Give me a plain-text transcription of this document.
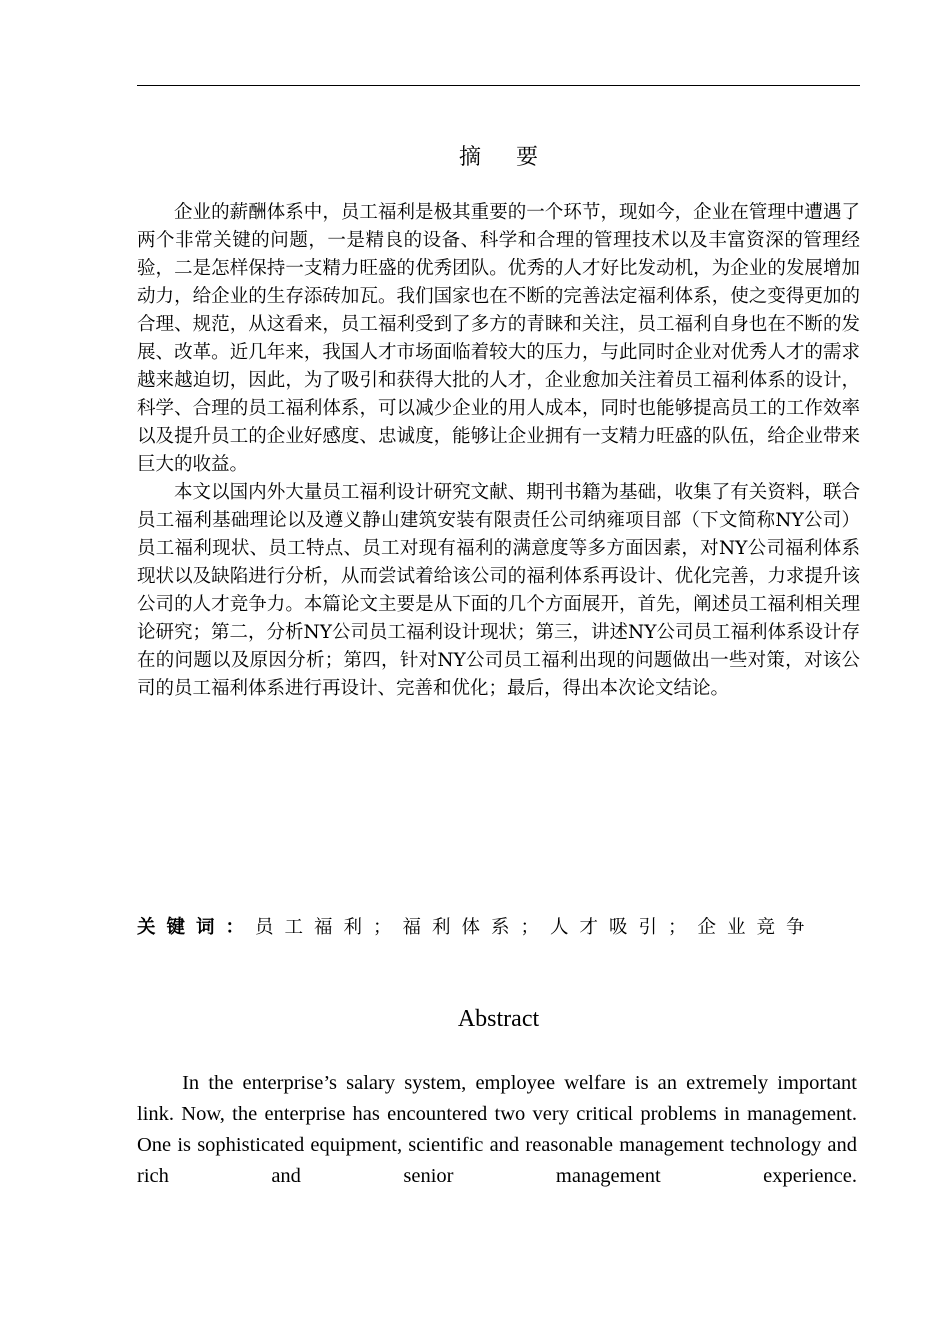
摘 要

企业的薪酬体系中，员工福利是极其重要的一个环节，现如今，企业在管理中遭遇了两个非常关键的问题，一是精良的设备、科学和合理的管理技术以及丰富资深的管理经验，二是怎样保持一支精力旺盛的优秀团队。优秀的人才好比发动机，为企业的发展增加动力，给企业的生存添砖加瓦。我们国家也在不断的完善法定福利体系，使之变得更加的合理、规范，从这看来，员工福利受到了多方的青睐和关注，员工福利自身也在不断的发展、改革。近几年来，我国人才市场面临着较大的压力，与此同时企业对优秀人才的需求越来越迫切，因此，为了吸引和获得大批的人才，企业愈加关注着员工福利体系的设计，科学、合理的员工福利体系，可以减少企业的用人成本，同时也能够提高员工的工作效率以及提升员工的企业好感度、忠诚度，能够让企业拥有一支精力旺盛的队伍，给企业带来巨大的收益。

本文以国内外大量员工福利设计研究文献、期刊书籍为基础，收集了有关资料，联合员工福利基础理论以及遵义静山建筑安装有限责任公司纳雍项目部（下文简称NY公司）员工福利现状、员工特点、员工对现有福利的满意度等多方面因素，对NY公司福利体系现状以及缺陷进行分析，从而尝试着给该公司的福利体系再设计、优化完善，力求提升该公司的人才竞争力。本篇论文主要是从下面的几个方面展开，首先，阐述员工福利相关理论研究；第二，分析NY公司员工福利设计现状；第三，讲述NY公司员工福利体系设计存在的问题以及原因分析；第四，针对NY公司员工福利出现的问题做出一些对策，对该公司的员工福利体系进行再设计、完善和优化；最后，得出本次论文结论。

关键词：员工福利；福利体系；人才吸引；企业竞争
Abstract

In the enterprise’s salary system, employee welfare is an extremely important link. Now, the enterprise has encountered two very critical problems in management. One is sophisticated equipment, scientific and reasonable management technology and rich and senior management experience.
